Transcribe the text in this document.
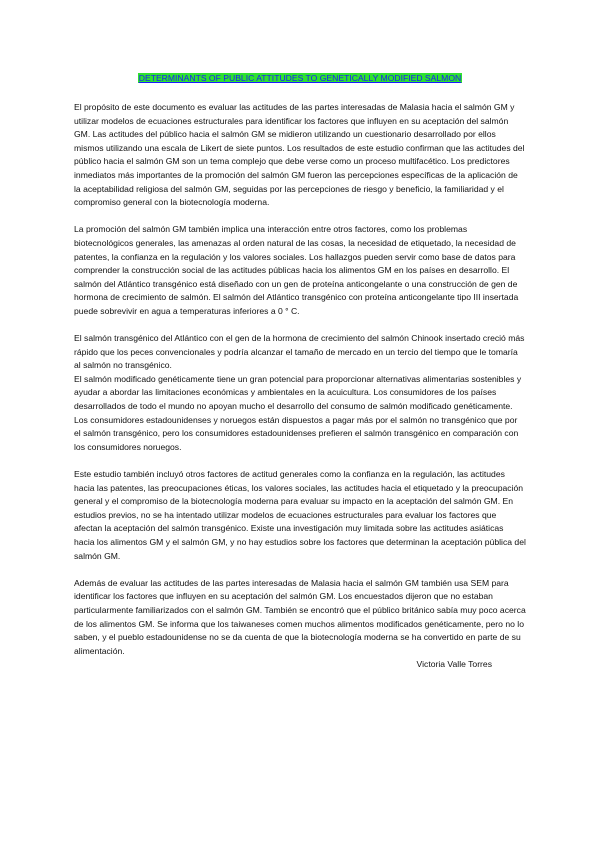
DETERMINANTS OF PUBLIC ATTITUDES TO GENETICALLY MODIFIED SALMON

El propósito de este documento es evaluar las actitudes de las partes interesadas de Malasia hacia el salmón GM y utilizar modelos de ecuaciones estructurales para identificar los factores que influyen en su aceptación del salmón GM. Las actitudes del público hacia el salmón GM se midieron utilizando un cuestionario desarrollado por ellos mismos utilizando una escala de Likert de siete puntos. Los resultados de este estudio confirman que las actitudes del público hacia el salmón GM son un tema complejo que debe verse como un proceso multifacético. Los predictores inmediatos más importantes de la promoción del salmón GM fueron las percepciones específicas de la aplicación de la aceptabilidad religiosa del salmón GM, seguidas por las percepciones de riesgo y beneficio, la familiaridad y el compromiso general con la biotecnología moderna.

La promoción del salmón GM también implica una interacción entre otros factores, como los problemas biotecnológicos generales, las amenazas al orden natural de las cosas, la necesidad de etiquetado, la necesidad de patentes, la confianza en la regulación y los valores sociales. Los hallazgos pueden servir como base de datos para comprender la construcción social de las actitudes públicas hacia los alimentos GM en los países en desarrollo. El salmón del Atlántico transgénico está diseñado con un gen de proteína anticongelante o una construcción de gen de hormona de crecimiento de salmón. El salmón del Atlántico transgénico con proteína anticongelante tipo III insertada puede sobrevivir en agua a temperaturas inferiores a 0 ° C.

El salmón transgénico del Atlántico con el gen de la hormona de crecimiento del salmón Chinook insertado creció más rápido que los peces convencionales y podría alcanzar el tamaño de mercado en un tercio del tiempo que le tomaría al salmón no transgénico.

El salmón modificado genéticamente tiene un gran potencial para proporcionar alternativas alimentarias sostenibles y ayudar a abordar las limitaciones económicas y ambientales en la acuicultura. Los consumidores de los países desarrollados de todo el mundo no apoyan mucho el desarrollo del consumo de salmón modificado genéticamente.

Los consumidores estadounidenses y noruegos están dispuestos a pagar más por el salmón no transgénico que por el salmón transgénico, pero los consumidores estadounidenses prefieren el salmón transgénico en comparación con los consumidores noruegos.

Este estudio también incluyó otros factores de actitud generales como la confianza en la regulación, las actitudes hacia las patentes, las preocupaciones éticas, los valores sociales, las actitudes hacia el etiquetado y la preocupación general y el compromiso de la biotecnología moderna para evaluar su impacto en la aceptación del salmón GM. En estudios previos, no se ha intentado utilizar modelos de ecuaciones estructurales para evaluar los factores que afectan la aceptación del salmón transgénico. Existe una investigación muy limitada sobre las actitudes asiáticas hacia los alimentos GM y el salmón GM, y no hay estudios sobre los factores que determinan la aceptación pública del salmón GM.

Además de evaluar las actitudes de las partes interesadas de Malasia hacia el salmón GM también usa SEM para identificar los factores que influyen en su aceptación del salmón GM. Los encuestados dijeron que no estaban particularmente familiarizados con el salmón GM. También se encontró que el público británico sabía muy poco acerca de los alimentos GM. Se informa que los taiwaneses comen muchos alimentos modificados genéticamente, pero no lo saben, y el pueblo estadounidense no se da cuenta de que la biotecnología moderna se ha convertido en parte de su alimentación.

Victoria Valle Torres
